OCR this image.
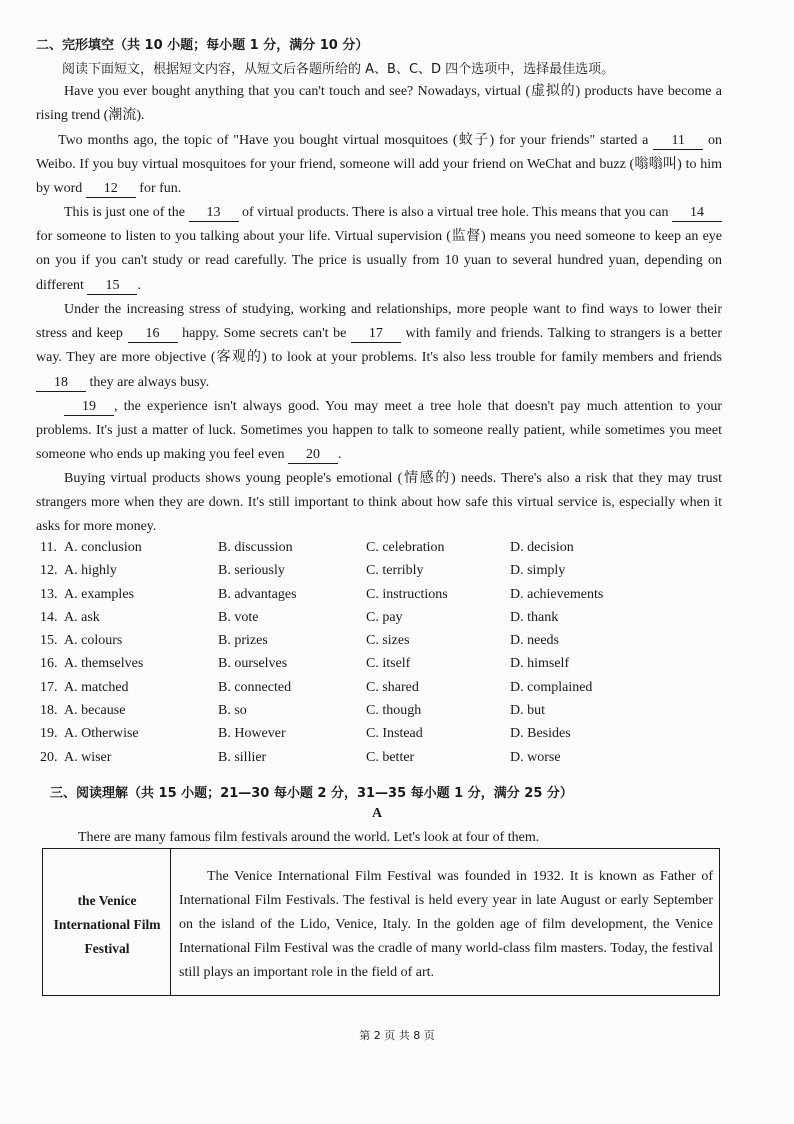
二、完形填空（共 10 小题；每小题 1 分，满分 10 分）
阅读下面短文，根据短文内容，从短文后各题所给的 A、B、C、D 四个选项中，选择最佳选项。
Have you ever bought anything that you can't touch and see? Nowadays, virtual (虚拟的) products have become a rising trend (潮流).
Two months ago, the topic of "Have you bought virtual mosquitoes (蚊子) for your friends" started a 11 on Weibo. If you buy virtual mosquitoes for your friend, someone will add your friend on WeChat and buzz (嗡嗡叫) to him by word 12 for fun.
This is just one of the 13 of virtual products. There is also a virtual tree hole. This means that you can 14 for someone to listen to you talking about your life. Virtual supervision (监督) means you need someone to keep an eye on you if you can't study or read carefully. The price is usually from 10 yuan to several hundred yuan, depending on different 15 .
Under the increasing stress of studying, working and relationships, more people want to find ways to lower their stress and keep 16 happy. Some secrets can't be 17 with family and friends. Talking to strangers is a better way. They are more objective (客观的) to look at your problems. It's also less trouble for family members and friends 18 they are always busy.
19 , the experience isn't always good. You may meet a tree hole that doesn't pay much attention to your problems. It's just a matter of luck. Sometimes you happen to talk to someone really patient, while sometimes you meet someone who ends up making you feel even 20 .
Buying virtual products shows young people's emotional (情感的) needs. There's also a risk that they may trust strangers more when they are down. It's still important to think about how safe this virtual service is, especially when it asks for more money.
11. A. conclusion	B. discussion	C. celebration	D. decision
12. A. highly	B. seriously	C. terribly	D. simply
13. A. examples	B. advantages	C. instructions	D. achievements
14. A. ask	B. vote	C. pay	D. thank
15. A. colours	B. prizes	C. sizes	D. needs
16. A. themselves	B. ourselves	C. itself	D. himself
17. A. matched	B. connected	C. shared	D. complained
18. A. because	B. so	C. though	D. but
19. A. Otherwise	B. However	C. Instead	D. Besides
20. A. wiser	B. sillier	C. better	D. worse
三、阅读理解（共 15 小题；21—30 每小题 2 分，31—35 每小题 1 分，满分 25 分）
A
There are many famous film festivals around the world. Let's look at four of them.
the Venice
International Film
Festival
The Venice International Film Festival was founded in 1932. It is known as Father of International Film Festivals. The festival is held every year in late August or early September on the island of the Lido, Venice, Italy. In the golden age of film development, the Venice International Film Festival was the cradle of many world-class film masters. Today, the festival still plays an important role in the field of art.
第 2 页 共 8 页
